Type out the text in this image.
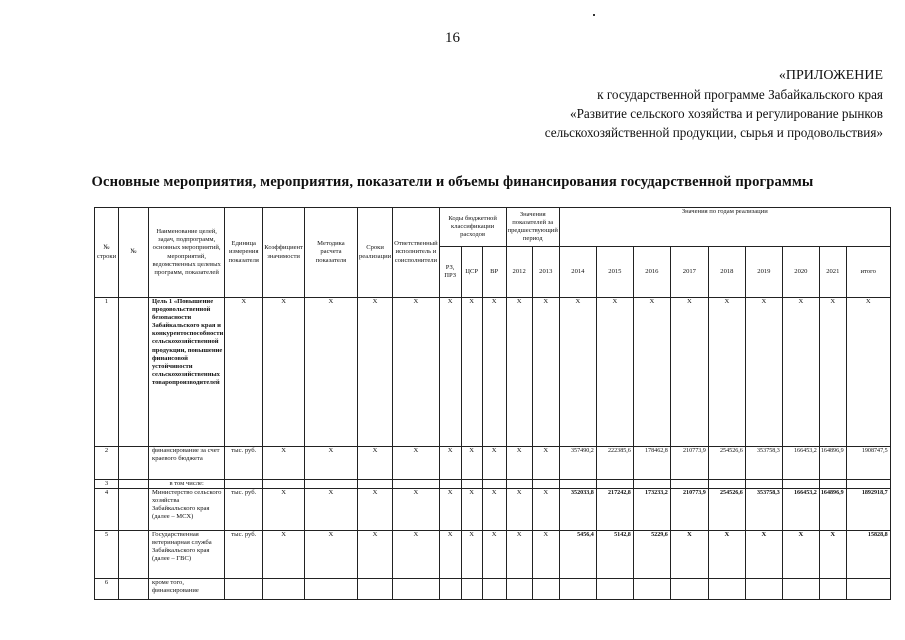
16
«ПРИЛОЖЕНИЕ
к государственной программе Забайкальского края
«Развитие сельского хозяйства и регулирование рынков
сельскохозяйственной продукции, сырья и продовольствия»
Основные мероприятия, мероприятия, показатели и объемы финансирования государственной программы
№ строки	№	Наименование целей, задач, подпрограмм, основных мероприятий, мероприятий, ведомственных целевых программ, показателей	Единица измерения показателя	Коэффициент значимости	Методика расчета показателя	Сроки реализации	Ответственный исполнитель и соисполнители	Коды бюджетной классификации расходов			Значения показателей за предшествующий период		Значения по годам реализации								
								РЗ, ПРЗ	ЦСР	ВР	2012	2013	2014	2015	2016	2017	2018	2019	2020	2021	итого
1		Цель 1 «Повышение продовольственной безопасности Забайкальского края и конкурентоспособности сельскохозяйственной продукции, повышение финансовой устойчивости сельскохозяйственных товаропроизводителей	Х	Х	Х	Х	Х	Х	Х	Х	Х	Х	Х	Х	Х	Х	Х	Х	Х	Х	Х
2		финансирование за счет краевого бюджета	тыс. руб.	Х	Х	Х	Х	Х	Х	Х	Х	Х	357490,2	222385,6	178462,8	210773,9	254526,6	353758,3	166453,2	164896,9	1908747,5
3		в том числе:																			
4		Министерство сельского хозяйства Забайкальского края (далее – МСХ)	тыс. руб.	Х	Х	Х	Х	Х	Х	Х	Х	Х	352033,8	217242,8	173233,2	210773,9	254526,6	353758,3	166453,2	164896,9	1892918,7
5		Государственная ветеринарная служба Забайкальского края (далее – ГВС)	тыс. руб.	Х	Х	Х	Х	Х	Х	Х	Х	Х	5456,4	5142,8	5229,6	Х	Х	Х	Х	Х	15828,8
6		кроме того, финансирование																			
